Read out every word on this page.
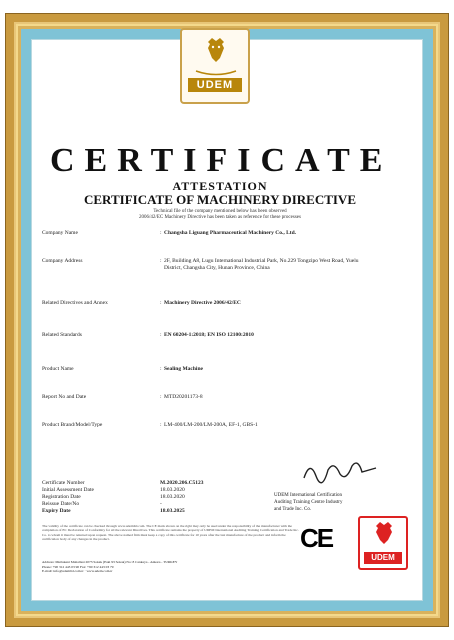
UDEM
CERTIFICATE
ATTESTATION
CERTIFICATE OF MACHINERY DIRECTIVE
Technical file of the company mentioned below has been observed
2006/42/EC Machinery Directive has been taken as reference for these processes
Company Name	: Changsha Liguang Pharmaceutical Machinery Co., Ltd.
Company Address	: 2F, Building A8, Lugu International Industrial Park, No.229 Tongzipo West Road, Yuelu District, Changsha City, Hunan Province, China
Related Directives and Annex	: Machinery Directive 2006/42/EC
Related Standards	: EN 60204-1:2018; EN ISO 12100:2010
Product Name	: Sealing Machine
Report No and Date	: MTD20201173-8
Product Brand/Model/Type	: LM-400/LM-200/LM-200A, EF-1, GBS-1
Certificate Number	M.2020.206.C5123
Initial Assessment Date	18.03.2020
Registration Date	18.03.2020
Reissue Date/No	-
Expiry Date	18.03.2025
The validity of the certificate can be checked through www.udemltd.com. The CE mark shown on the right may only be used under the responsibility of the manufacturer with the completion of EC Declaration of Conformity for all the relevant Directives. This certificate remains the property of UDEM International Auditing Training Certification and Trade Inc. Co. to whom it must be returned upon request. The above named firm must keep a copy of this certificate for 10 years after the last manufacture of the product and inform the certification body of any changes in the product.
Address: Mutlukent Mahallesi 2073 Sokak (Eski 93 Sokak) No: 8 Cankaya - Ankara - TURKEY
Phone: +90 312 443 03 90 Fax: +90 312 443 03 79
E-mail: info@udemltd.com.tr · www.udem.com.tr
UDEM International Certification
Auditing Training Centre Industry
and Trade Inc. Co.
CE
UDEM
